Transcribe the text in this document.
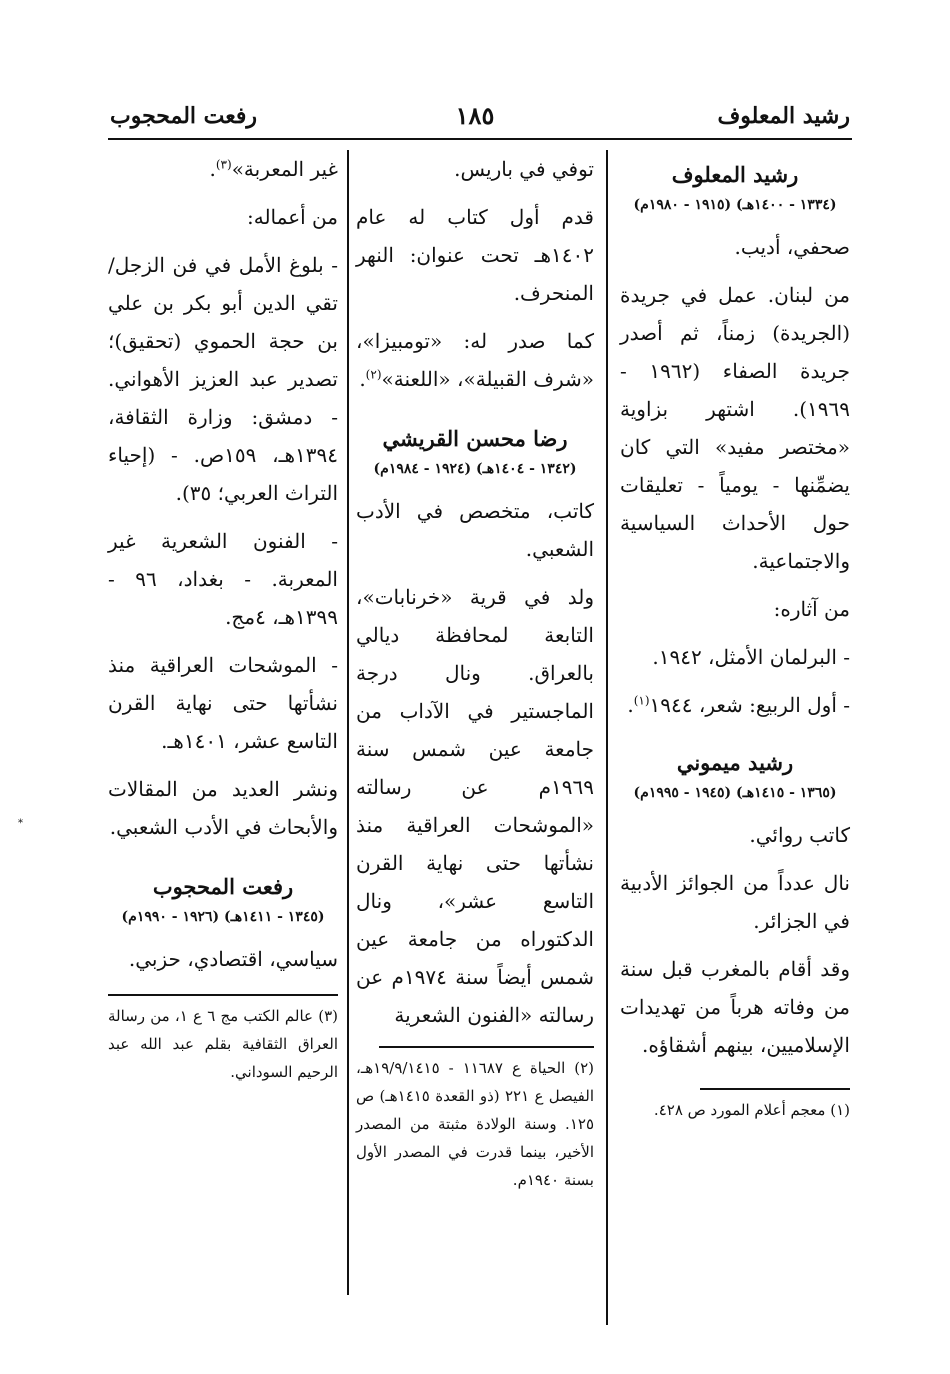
رشيد المعلوف
١٨٥
رفعت المحجوب
رشيد المعلوف
(١٣٣٤ - ١٤٠٠هـ) (١٩١٥ - ١٩٨٠م)

صحفي، أديب.

من لبنان. عمل في جريدة (الجريدة) زمناً، ثم أصدر جريدة الصفاء (١٩٦٢ - ١٩٦٩). اشتهر بزاوية «مختصر مفيد» التي كان يضمِّنها - يومياً - تعليقات حول الأحداث السياسية والاجتماعية.

من آثاره:

- البرلمان الأمثل، ١٩٤٢.

- أول الربيع: شعر، ١٩٤٤$^{(١)}$.

رشيد ميموني
(١٣٦٥ - ١٤١٥هـ) (١٩٤٥ - ١٩٩٥م)

كاتب روائي.

نال عدداً من الجوائز الأدبية في الجزائر.

وقد أقام بالمغرب قبل سنة من وفاته هرباً من تهديدات الإسلاميين، بينهم أشقاؤه.

(١) معجم أعلام المورد ص ٤٢٨.

توفي في باريس.

قدم أول كتاب له عام ١٤٠٢هـ تحت عنوان: النهر المنحرف.

كما صدر له: «تومبيزا»، «شرف القبيلة»، «اللعنة»$^{(٢)}$.

رضا محسن القريشي
(١٣٤٢ - ١٤٠٤هـ) (١٩٢٤ - ١٩٨٤م)

كاتب، متخصص في الأدب الشعبي.

ولد في قرية «خرنابات»، التابعة لمحافظة ديالي بالعراق. ونال درجة الماجستير في الآداب من جامعة عين شمس سنة ١٩٦٩م عن رسالته «الموشحات العراقية منذ نشأتها حتى نهاية القرن التاسع عشر»، ونال الدكتوراه من جامعة عين شمس أيضاً سنة ١٩٧٤م عن رسالته «الفنون الشعرية

(٢) الحياة ع ١١٦٨٧ - ١٩/٩/١٤١٥هـ، الفيصل ع ٢٢١ (ذو القعدة ١٤١٥هـ) ص ١٢٥. وسنة الولادة مثبتة من المصدر الأخير، بينما قدرت في المصدر الأول بسنة ١٩٤٠م.

غير المعربة»$^{(٣)}$.

من أعماله:

- بلوغ الأمل في فن الزجل/ تقي الدين أبو بكر بن علي بن حجة الحموي (تحقيق)؛ تصدير عبد العزيز الأهواني. - دمشق: وزارة الثقافة، ١٣٩٤هـ، ١٥٩ص. - (إحياء التراث العربي؛ ٣٥).

- الفنون الشعرية غير المعربة. - بغداد، ٩٦ - ١٣٩٩هـ، ٤مج.

- الموشحات العراقية منذ نشأتها حتى نهاية القرن التاسع عشر، ١٤٠١هـ.

ونشر العديد من المقالات والأبحاث في الأدب الشعبي.

رفعت المحجوب
(١٣٤٥ - ١٤١١هـ) (١٩٢٦ - ١٩٩٠م)

سياسي، اقتصادي، حزبي.

(٣) عالم الكتب مج ٦ ع ١، من رسالة العراق الثقافية بقلم عبد الله عبد الرحيم السوداني.

*
